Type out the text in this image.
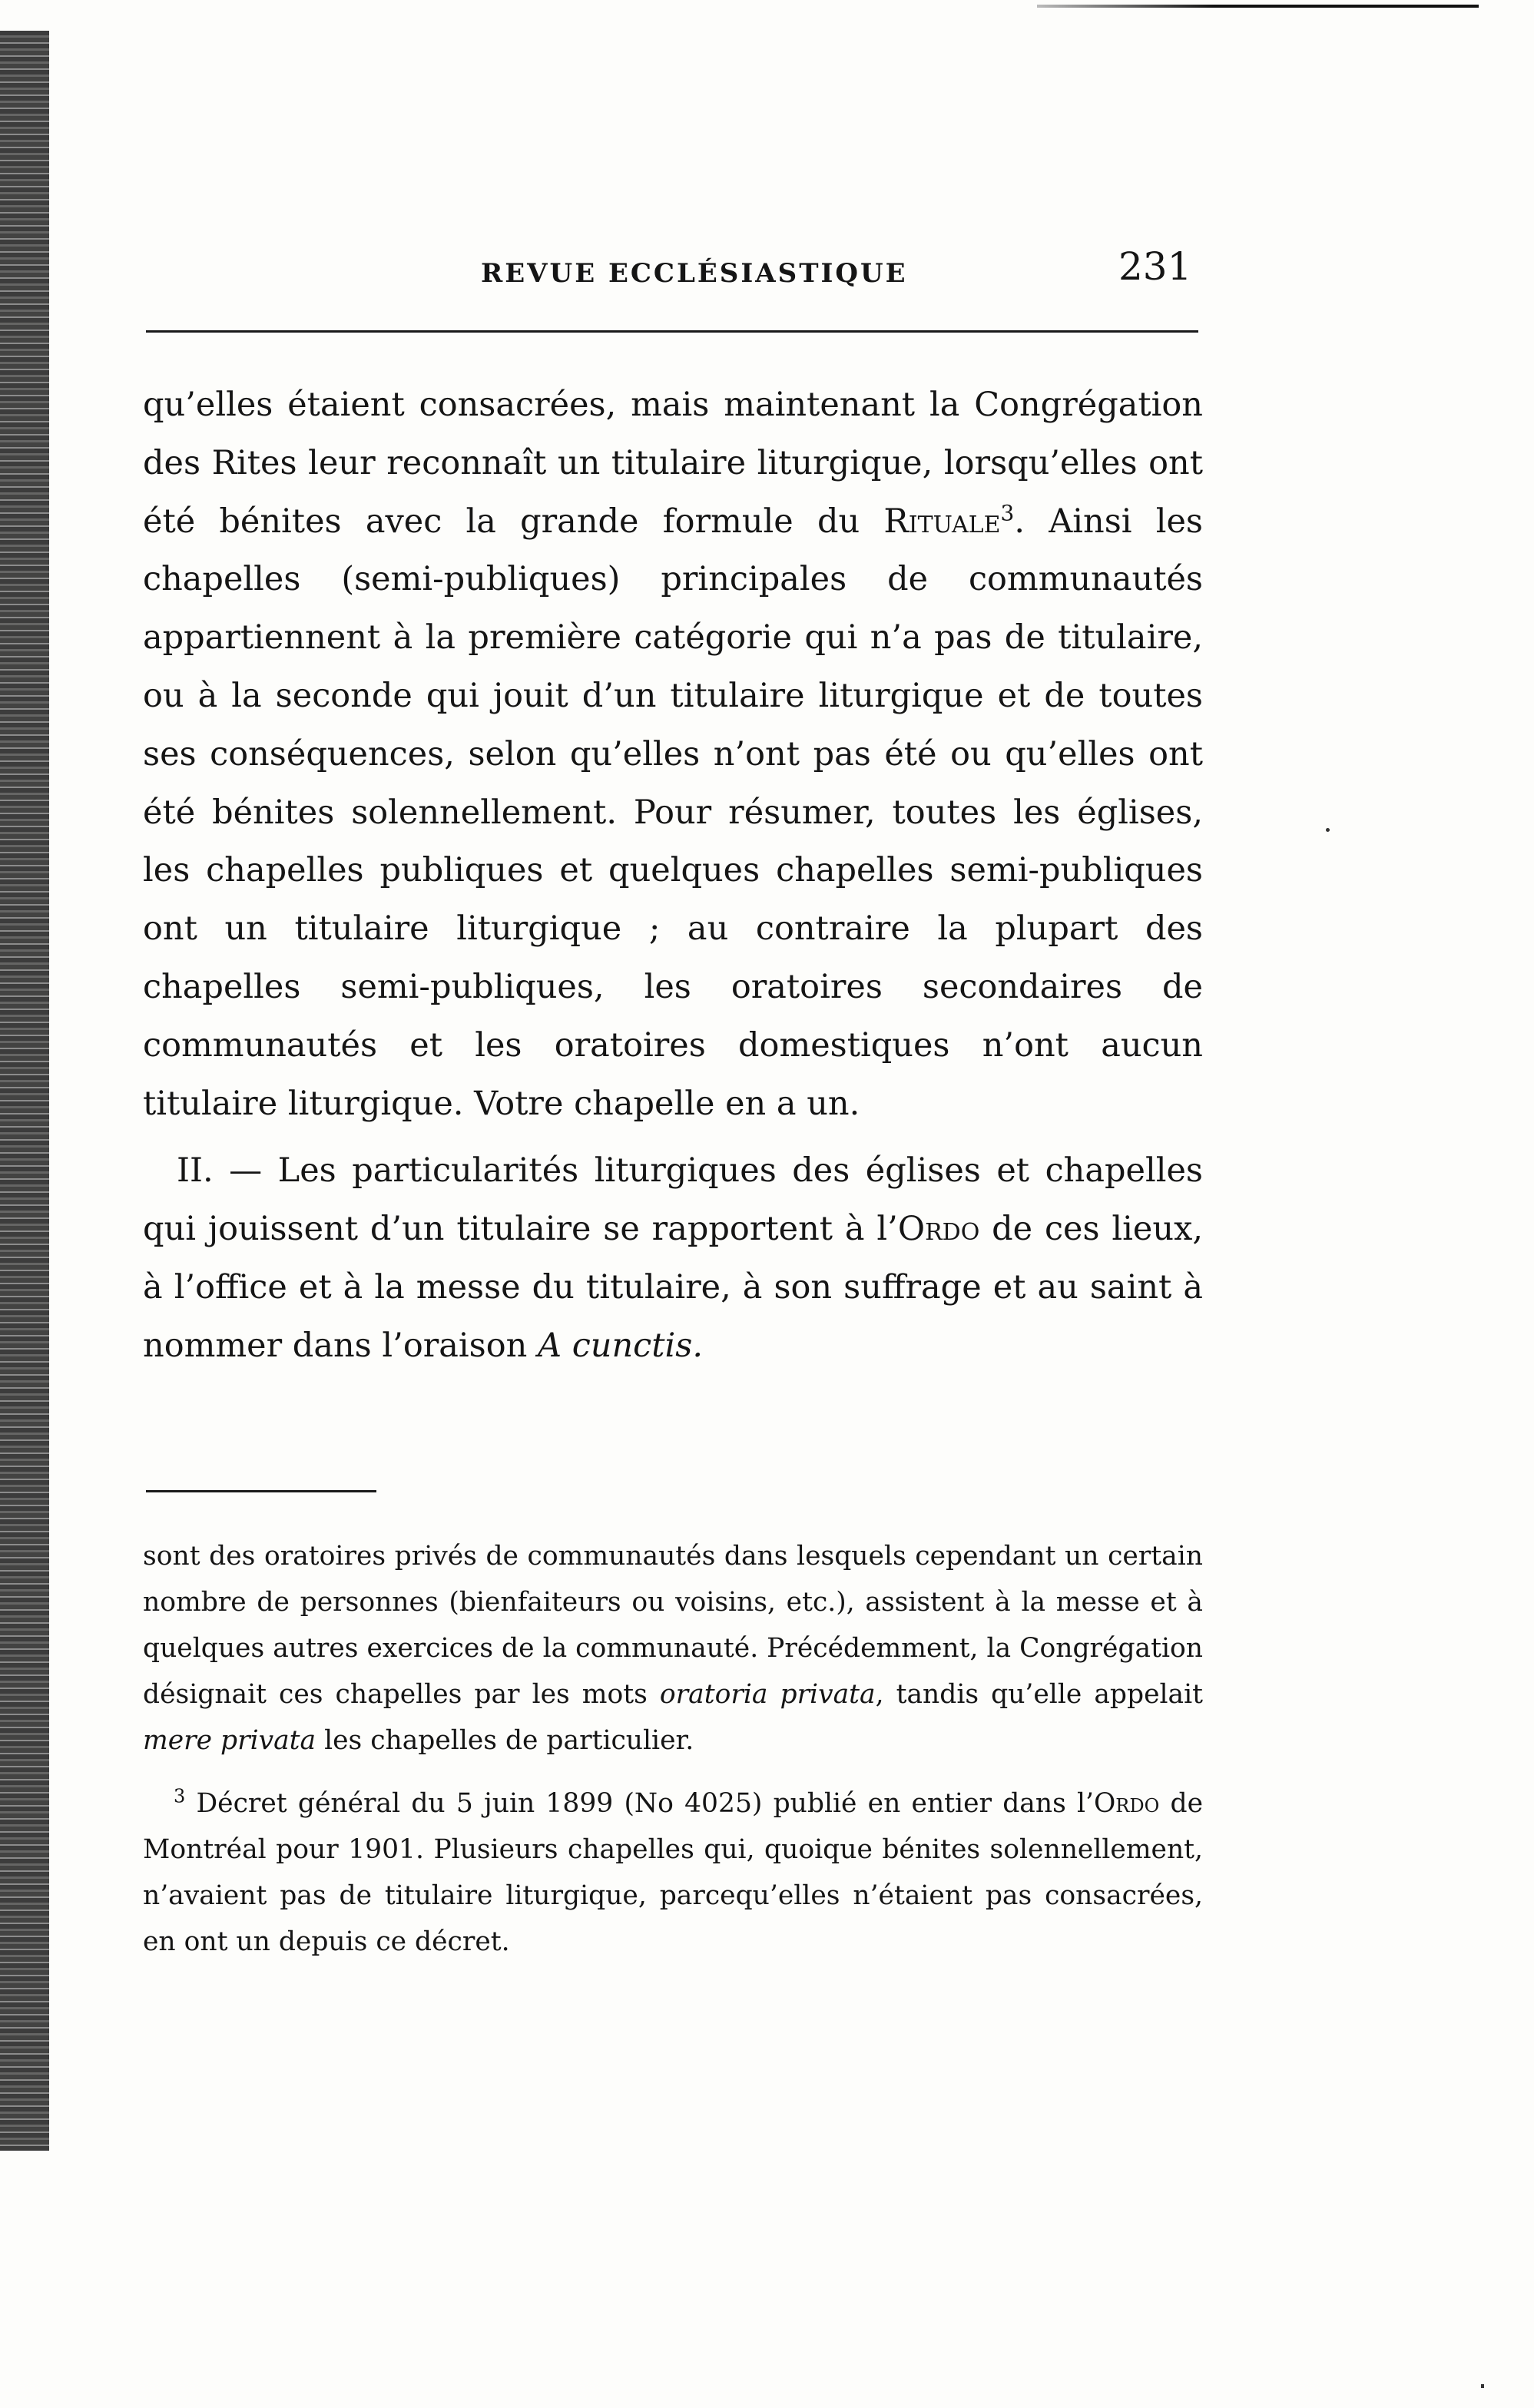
REVUE ECCLÉSIASTIQUE	231

qu’elles étaient consacrées, mais maintenant la Congrégation des Rites leur reconnaît un titulaire liturgique, lorsqu’elles ont été bénites avec la grande formule du Rituale$^3$. Ainsi les chapelles (semi-publiques) principales de communautés appartiennent à la première catégorie qui n’a pas de titulaire, ou à la seconde qui jouit d’un titulaire liturgique et de toutes ses conséquences, selon qu’elles n’ont pas été ou qu’elles ont été bénites solennellement. Pour résumer, toutes les églises, les chapelles publiques et quelques chapelles semi-publiques ont un titulaire liturgique ; au contraire la plupart des chapelles semi-publiques, les oratoires secondaires de communautés et les oratoires domestiques n’ont aucun titulaire liturgique. Votre chapelle en a un.

II. — Les particularités liturgiques des églises et chapelles qui jouissent d’un titulaire se rapportent à l’Ordo de ces lieux, à l’office et à la messe du titulaire, à son suffrage et au saint à nommer dans l’oraison A cunctis.

sont des oratoires privés de communautés dans lesquels cependant un certain nombre de personnes (bienfaiteurs ou voisins, etc.), assistent à la messe et à quelques autres exercices de la communauté. Précédemment, la Congrégation désignait ces chapelles par les mots oratoria privata, tandis qu’elle appelait mere privata les chapelles de particulier.

$^3$ Décret général du 5 juin 1899 (No 4025) publié en entier dans l’Ordo de Montréal pour 1901. Plusieurs chapelles qui, quoique bénites solennellement, n’avaient pas de titulaire liturgique, parcequ’elles n’étaient pas consacrées, en ont un depuis ce décret.
